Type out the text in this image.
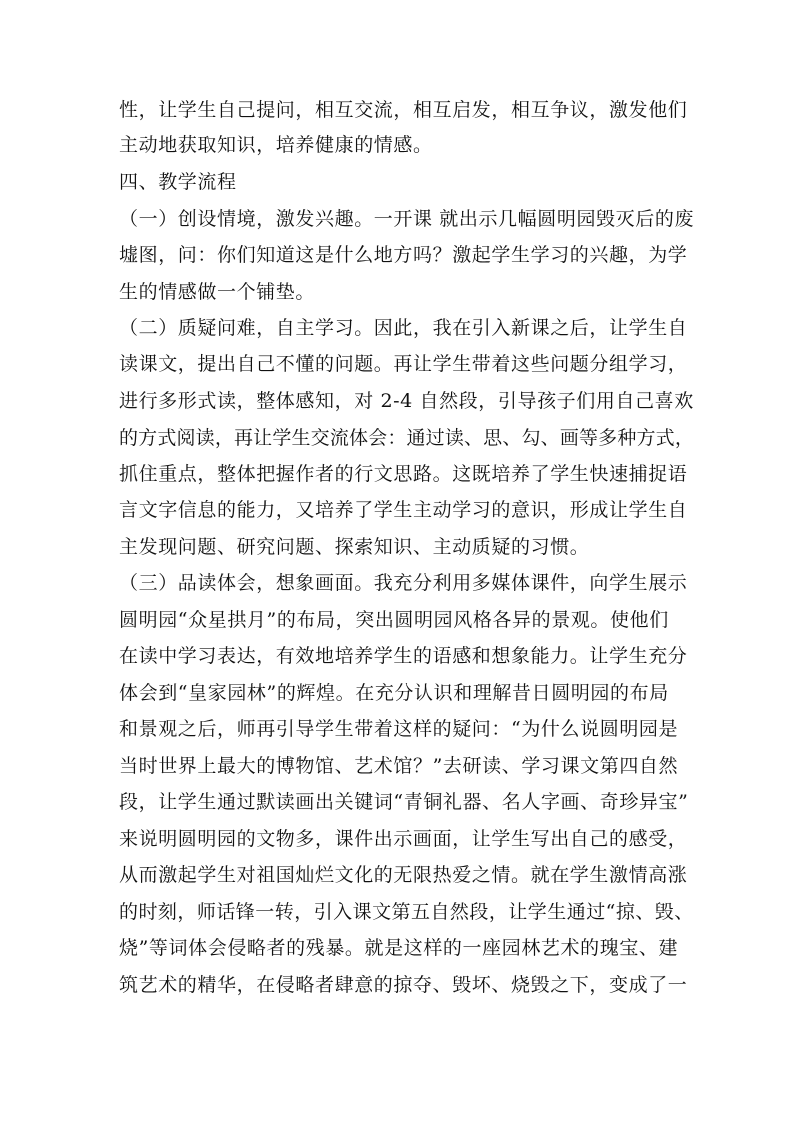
性，让学生自己提问，相互交流，相互启发，相互争议，激发他们
主动地获取知识，培养健康的情感。
四、教学流程
（一）创设情境，激发兴趣。一开课 就出示几幅圆明园毁灭后的废
墟图，问：你们知道这是什么地方吗？激起学生学习的兴趣，为学
生的情感做一个铺垫。
（二）质疑问难，自主学习。因此，我在引入新课之后，让学生自
读课文，提出自己不懂的问题。再让学生带着这些问题分组学习，
进行多形式读，整体感知，对 2-4 自然段，引导孩子们用自己喜欢
的方式阅读，再让学生交流体会：通过读、思、勾、画等多种方式，
抓住重点，整体把握作者的行文思路。这既培养了学生快速捕捉语
言文字信息的能力，又培养了学生主动学习的意识，形成让学生自
主发现问题、研究问题、探索知识、主动质疑的习惯。
（三）品读体会，想象画面。我充分利用多媒体课件，向学生展示
圆明园“众星拱月”的布局，突出圆明园风格各异的景观。使他们
在读中学习表达，有效地培养学生的语感和想象能力。让学生充分
体会到“皇家园林”的辉煌。在充分认识和理解昔日圆明园的布局
和景观之后，师再引导学生带着这样的疑问：“为什么说圆明园是
当时世界上最大的博物馆、艺术馆？”去研读、学习课文第四自然
段，让学生通过默读画出关键词“青铜礼器、名人字画、奇珍异宝”
来说明圆明园的文物多，课件出示画面，让学生写出自己的感受，
从而激起学生对祖国灿烂文化的无限热爱之情。就在学生激情高涨
的时刻，师话锋一转，引入课文第五自然段，让学生通过“掠、毁、
烧”等词体会侵略者的残暴。就是这样的一座园林艺术的瑰宝、建
筑艺术的精华，在侵略者肆意的掠夺、毁坏、烧毁之下，变成了一
